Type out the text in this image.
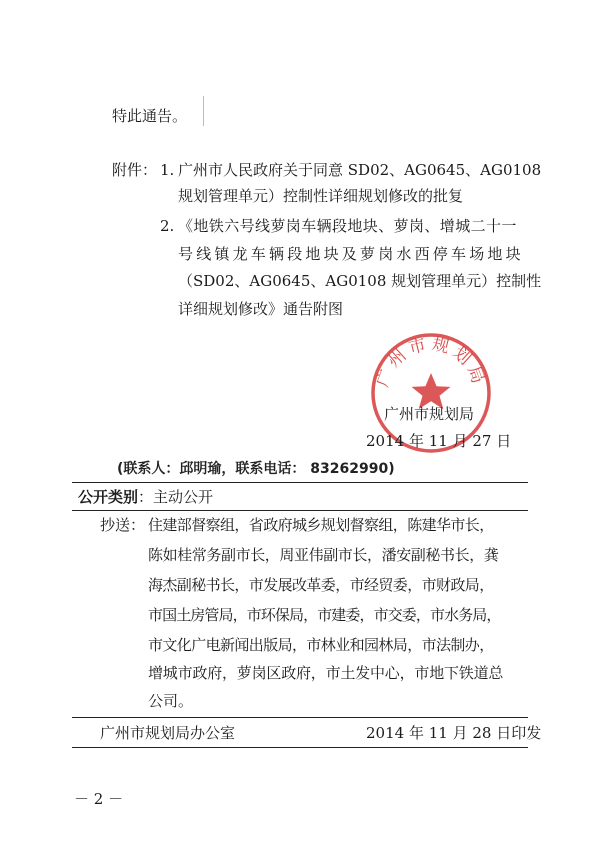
特此通告。
附件： 1. 广州市人民政府关于同意 SD02、AG0645、AG0108
规划管理单元）控制性详细规划修改的批复
2. 《地铁六号线萝岗车辆段地块、萝岗、增城二十一
号线镇龙车辆段地块及萝岗水西停车场地块
（SD02、AG0645、AG0108 规划管理单元）控制性
详细规划修改》通告附图
广州市规划局
广州市规划局
2014 年 11 月 27 日
(联系人：邱明瑜，联系电话： 83262990)
公开类别：主动公开
抄送： 住建部督察组，省政府城乡规划督察组，陈建华市长，
陈如桂常务副市长，周亚伟副市长，潘安副秘书长，龚
海杰副秘书长，市发展改革委，市经贸委，市财政局，
市国土房管局，市环保局，市建委，市交委，市水务局，
市文化广电新闻出版局，市林业和园林局，市法制办，
增城市政府，萝岗区政府，市土发中心，市地下铁道总
公司。
广州市规划局办公室	2014 年 11 月 28 日印发
－ 2 －
